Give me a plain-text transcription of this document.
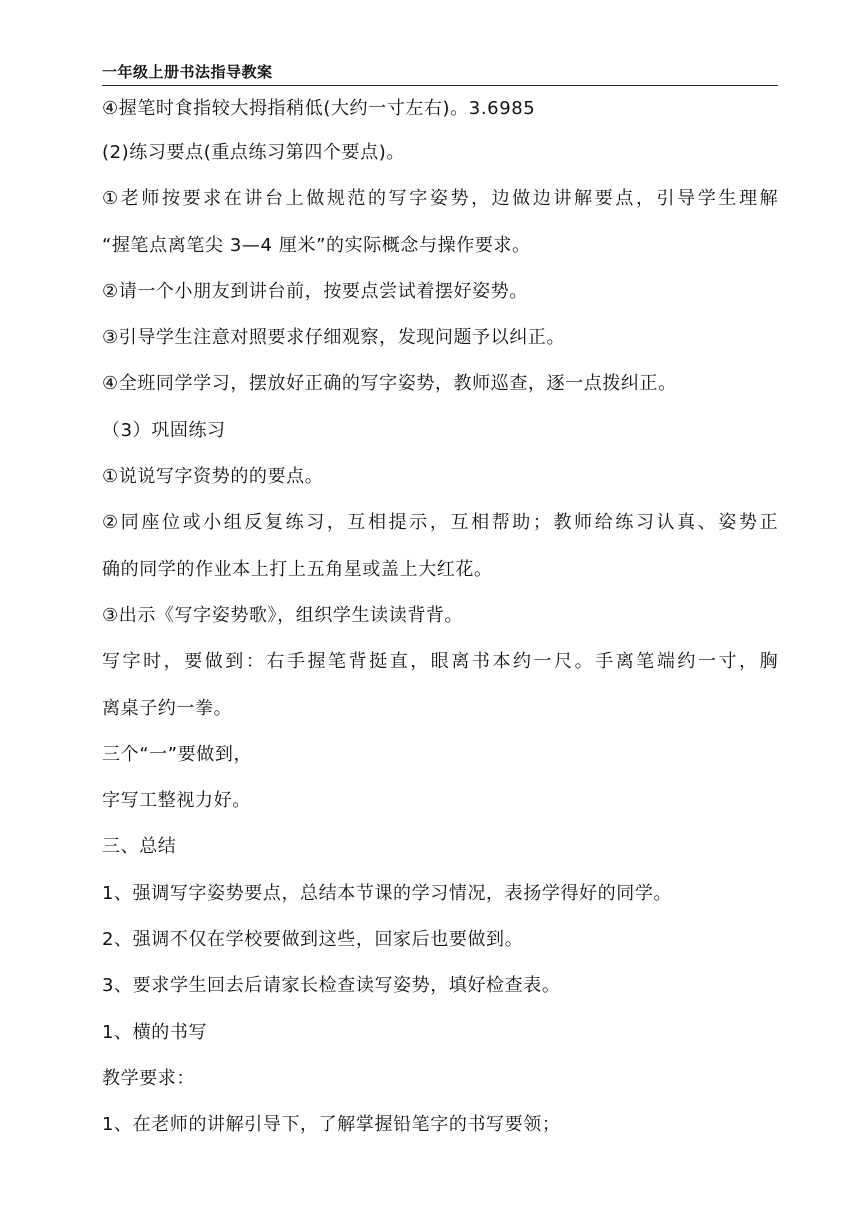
一年级上册书法指导教案
④握笔时食指较大拇指稍低(大约一寸左右)。3.6985
(2)练习要点(重点练习第四个要点)。
①老师按要求在讲台上做规范的写字姿势，边做边讲解要点，引导学生理解
“握笔点离笔尖 3—4 厘米”的实际概念与操作要求。
②请一个小朋友到讲台前，按要点尝试着摆好姿势。
③引导学生注意对照要求仔细观察，发现问题予以纠正。
④全班同学学习，摆放好正确的写字姿势，教师巡查，逐一点拨纠正。
（3）巩固练习
①说说写字资势的的要点。
②同座位或小组反复练习，互相提示，互相帮助；教师给练习认真、姿势正
确的同学的作业本上打上五角星或盖上大红花。
③出示《写字姿势歌》，组织学生读读背背。
写字时，要做到：右手握笔背挺直，眼离书本约一尺。手离笔端约一寸，胸
离桌子约一拳。
三个“一”要做到，
字写工整视力好。
三、总结
1、强调写字姿势要点，总结本节课的学习情况，表扬学得好的同学。
2、强调不仅在学校要做到这些，回家后也要做到。
3、要求学生回去后请家长检查读写姿势，填好检查表。
1、横的书写
教学要求：
1、在老师的讲解引导下，了解掌握铅笔字的书写要领；
